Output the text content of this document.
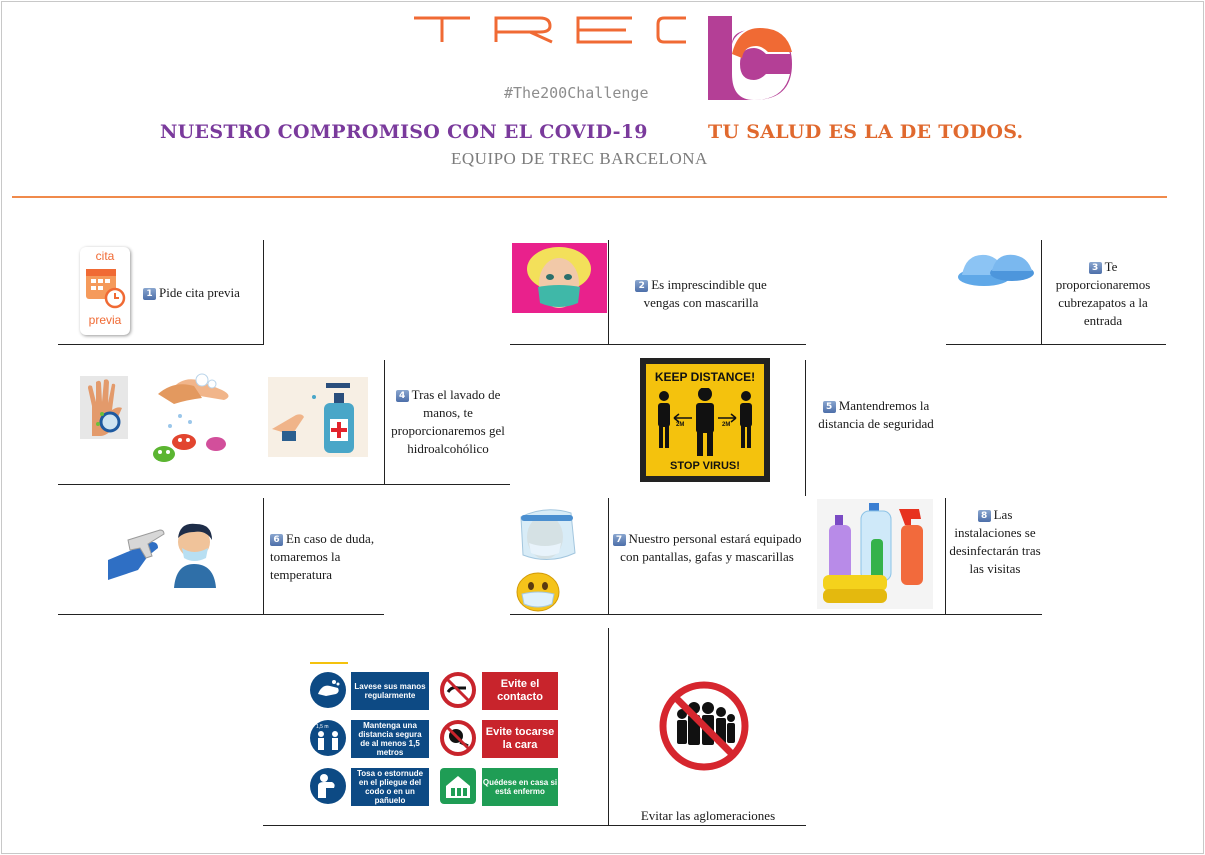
#The200Challenge
NUESTRO COMPROMISO CON EL COVID-19	TU SALUD ES LA DE TODOS.
EQUIPO DE TREC BARCELONA
cita
previa
1 Pide cita previa	2 Es imprescindible que vengas con mascarilla
3 Te proporcionaremos cubrezapatos a la entrada
4 Tras el lavado de manos, te proporcionaremos gel hidroalcohólico
KEEP DISTANCE!
2M	2M
STOP VIRUS!
5 Mantendremos la distancia de seguridad
6 En caso de duda, tomaremos la temperatura
7 Nuestro personal estará equipado con pantallas, gafas y mascarillas
8 Las instalaciones se desinfectarán tras las visitas
Lavese sus manos regularmente
1,5 m	Mantenga una distancia segura de al menos 1,5 metros
Tosa o estornude en el pliegue del codo o en un pañuelo
Evite el contacto
Evite tocarse la cara
Quédese en casa si está enfermo
Evitar las aglomeraciones
